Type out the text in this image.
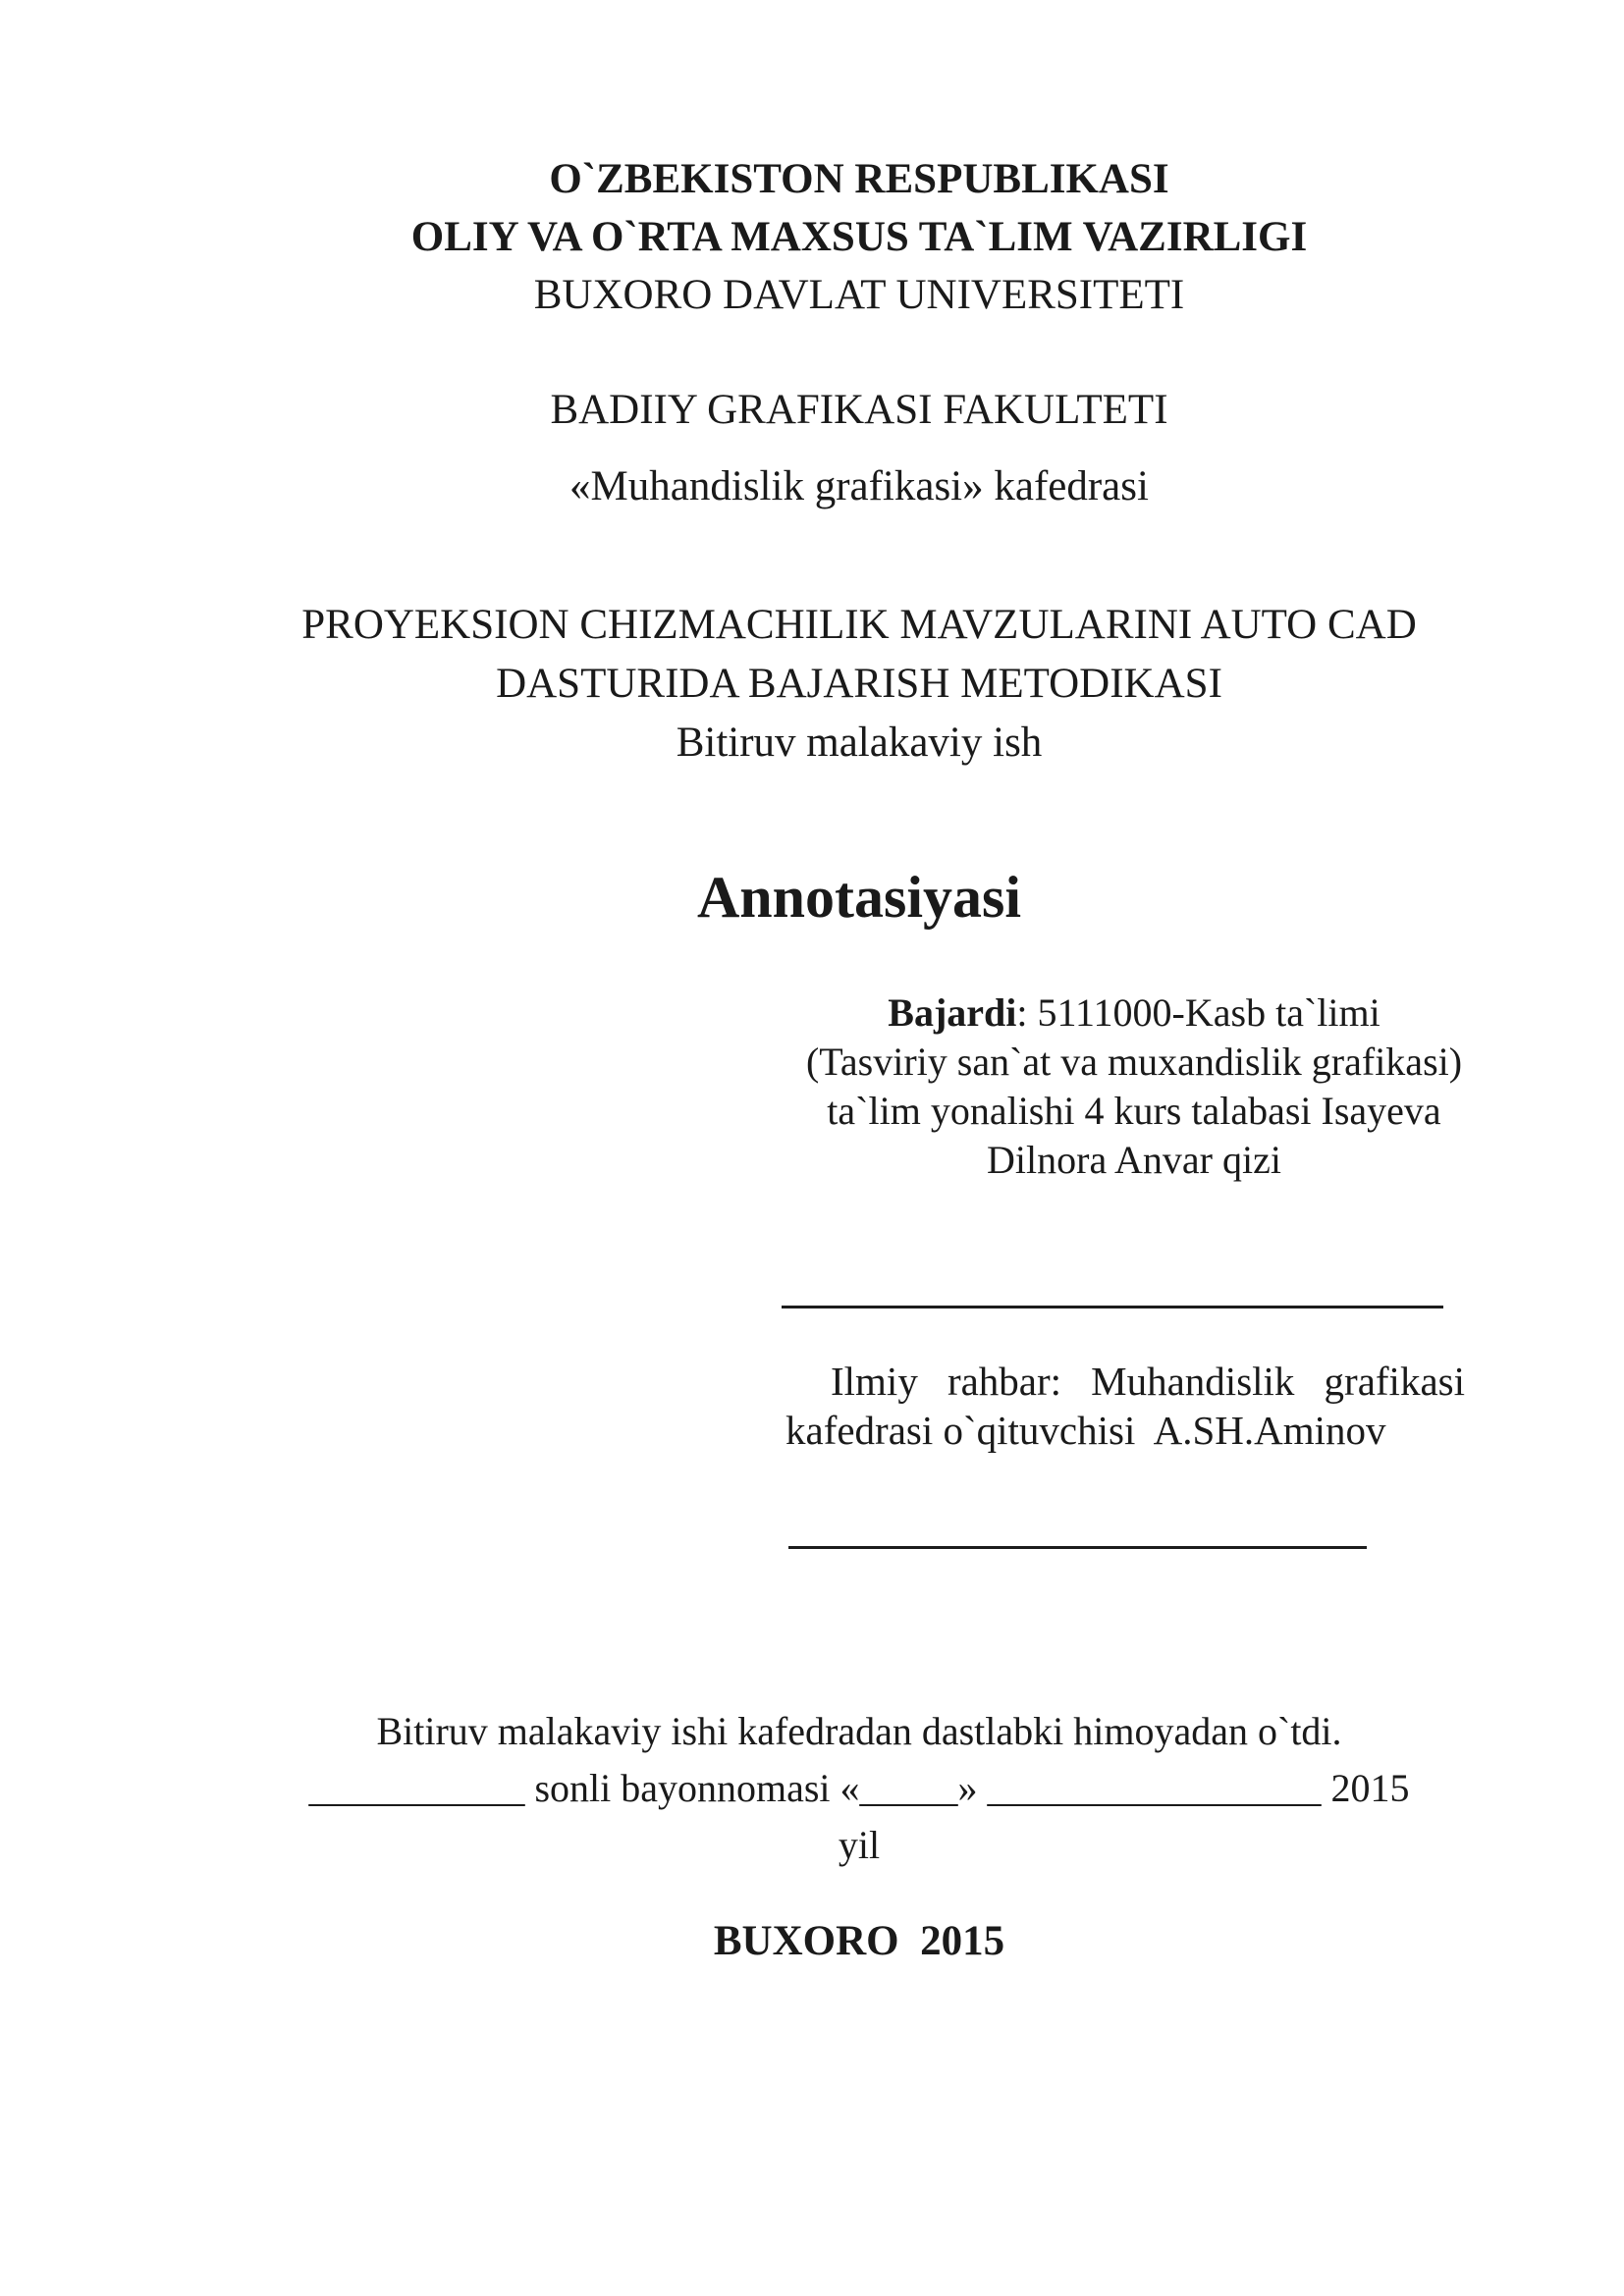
O`ZBEKISTON RESPUBLIKASI
OLIY VA O`RTA MAXSUS TA`LIM VAZIRLIGI
BUXORO DAVLAT UNIVERSITETI
BADIIY GRAFIKASI FAKULTETI
«Muhandislik grafikasi» kafedrasi
PROYEKSION CHIZMACHILIK MAVZULARINI AUTO CAD
DASTURIDA BAJARISH METODIKASI
Bitiruv malakaviy ish
Annotasiyasi
Bajardi: 5111000-Kasb ta`limi
(Tasviriy san`at va muxandislik grafikasi)
ta`lim yonalishi 4 kurs talabasi Isayeva
Dilnora Anvar qizi
Ilmiy rahbar: Muhandislik grafikasi
kafedrasi o`qituvchisi  A.SH.Aminov
Bitiruv malakaviy ishi kafedradan dastlabki himoyadan o`tdi.
___________ sonli bayonnomasi «_____» _________________ 2015 yil
BUXORO  2015
